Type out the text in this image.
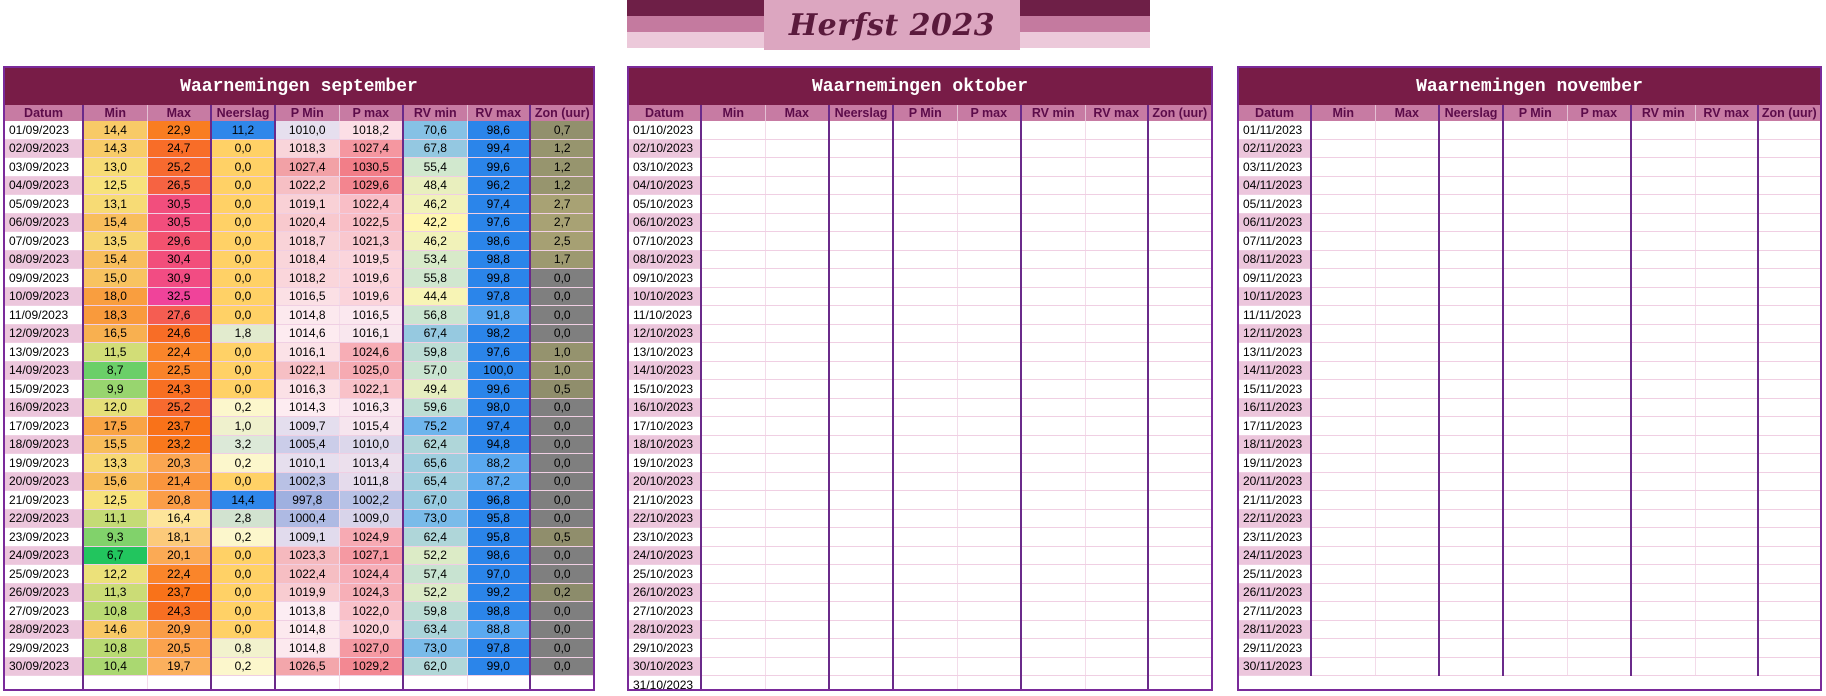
Herfst 2023
Waarnemingen september
Datum	Min	Max	Neerslag	P Min	P max	RV min	RV max	Zon (uur)
01/09/2023	14,4	22,9	11,2	1010,0	1018,2	70,6	98,6	0,7
02/09/2023	14,3	24,7	0,0	1018,3	1027,4	67,8	99,4	1,2
03/09/2023	13,0	25,2	0,0	1027,4	1030,5	55,4	99,6	1,2
04/09/2023	12,5	26,5	0,0	1022,2	1029,6	48,4	96,2	1,2
05/09/2023	13,1	30,5	0,0	1019,1	1022,4	46,2	97,4	2,7
06/09/2023	15,4	30,5	0,0	1020,4	1022,5	42,2	97,6	2,7
07/09/2023	13,5	29,6	0,0	1018,7	1021,3	46,2	98,6	2,5
08/09/2023	15,4	30,4	0,0	1018,4	1019,5	53,4	98,8	1,7
09/09/2023	15,0	30,9	0,0	1018,2	1019,6	55,8	99,8	0,0
10/09/2023	18,0	32,5	0,0	1016,5	1019,6	44,4	97,8	0,0
11/09/2023	18,3	27,6	0,0	1014,8	1016,5	56,8	91,8	0,0
12/09/2023	16,5	24,6	1,8	1014,6	1016,1	67,4	98,2	0,0
13/09/2023	11,5	22,4	0,0	1016,1	1024,6	59,8	97,6	1,0
14/09/2023	8,7	22,5	0,0	1022,1	1025,0	57,0	100,0	1,0
15/09/2023	9,9	24,3	0,0	1016,3	1022,1	49,4	99,6	0,5
16/09/2023	12,0	25,2	0,2	1014,3	1016,3	59,6	98,0	0,0
17/09/2023	17,5	23,7	1,0	1009,7	1015,4	75,2	97,4	0,0
18/09/2023	15,5	23,2	3,2	1005,4	1010,0	62,4	94,8	0,0
19/09/2023	13,3	20,3	0,2	1010,1	1013,4	65,6	88,2	0,0
20/09/2023	15,6	21,4	0,0	1002,3	1011,8	65,4	87,2	0,0
21/09/2023	12,5	20,8	14,4	997,8	1002,2	67,0	96,8	0,0
22/09/2023	11,1	16,4	2,8	1000,4	1009,0	73,0	95,8	0,0
23/09/2023	9,3	18,1	0,2	1009,1	1024,9	62,4	95,8	0,5
24/09/2023	6,7	20,1	0,0	1023,3	1027,1	52,2	98,6	0,0
25/09/2023	12,2	22,4	0,0	1022,4	1024,4	57,4	97,0	0,0
26/09/2023	11,3	23,7	0,0	1019,9	1024,3	52,2	99,2	0,2
27/09/2023	10,8	24,3	0,0	1013,8	1022,0	59,8	98,8	0,0
28/09/2023	14,6	20,9	0,0	1014,8	1020,0	63,4	88,8	0,0
29/09/2023	10,8	20,5	0,8	1014,8	1027,0	73,0	97,8	0,0
30/09/2023	10,4	19,7	0,2	1026,5	1029,2	62,0	99,0	0,0

Waarnemingen oktober
Datum	Min	Max	Neerslag	P Min	P max	RV min	RV max	Zon (uur)
01/10/2023								
02/10/2023								
03/10/2023								
04/10/2023								
05/10/2023								
06/10/2023								
07/10/2023								
08/10/2023								
09/10/2023								
10/10/2023								
11/10/2023								
12/10/2023								
13/10/2023								
14/10/2023								
15/10/2023								
16/10/2023								
17/10/2023								
18/10/2023								
19/10/2023								
20/10/2023								
21/10/2023								
22/10/2023								
23/10/2023								
24/10/2023								
25/10/2023								
26/10/2023								
27/10/2023								
28/10/2023								
29/10/2023								
30/10/2023								
31/10/2023								
Waarnemingen november
Datum	Min	Max	Neerslag	P Min	P max	RV min	RV max	Zon (uur)
01/11/2023								
02/11/2023								
03/11/2023								
04/11/2023								
05/11/2023								
06/11/2023								
07/11/2023								
08/11/2023								
09/11/2023								
10/11/2023								
11/11/2023								
12/11/2023								
13/11/2023								
14/11/2023								
15/11/2023								
16/11/2023								
17/11/2023								
18/11/2023								
19/11/2023								
20/11/2023								
21/11/2023								
22/11/2023								
23/11/2023								
24/11/2023								
25/11/2023								
26/11/2023								
27/11/2023								
28/11/2023								
29/11/2023								
30/11/2023								
